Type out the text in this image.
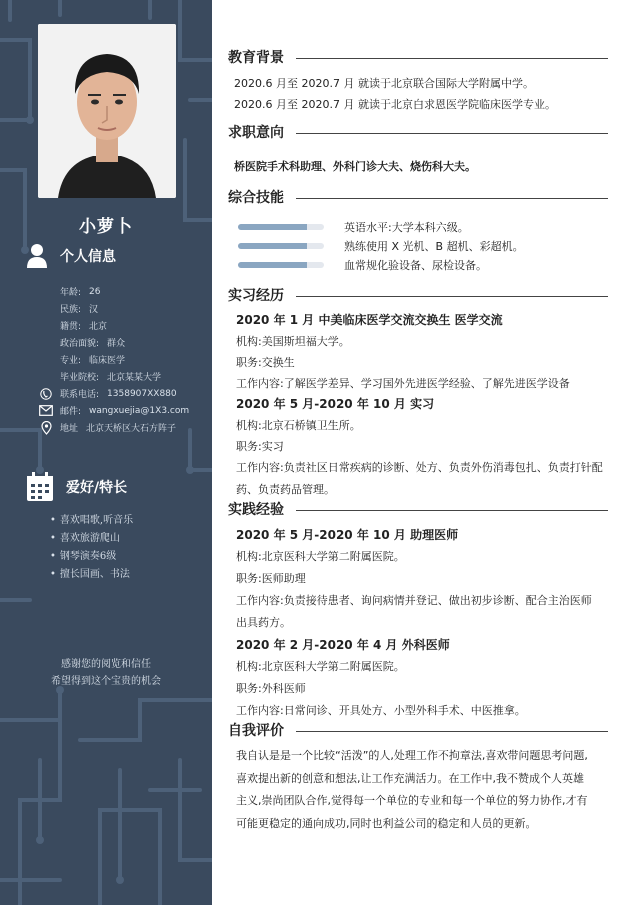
小萝卜
个人信息
年龄: 26
民族: 汉
籍贯: 北京
政治面貌: 群众
专业: 临床医学
毕业院校: 北京某某大学
联系电话: 1358907XX880
邮件: wangxuejia@1X3.com
地址 北京天桥区大石方阵子
爱好/特长
• 喜欢唱歌,听音乐
• 喜欢旅游爬山
• 钢琴演奏6级
• 擅长国画、书法
感谢您的阅览和信任
希望得到这个宝贵的机会
教育背景
2020.6 月至 2020.7 月 就读于北京联合国际大学附属中学。
2020.6 月至 2020.7 月 就读于北京白求恩医学院临床医学专业。
求职意向
桥医院手术科助理、外科门诊大夫、烧伤科大夫。
综合技能
英语水平:大学本科六级。
熟练使用 X 光机、B 超机、彩超机。
血常规化验设备、尿检设备。
实习经历
2020 年 1 月 中美临床医学交流交换生 医学交流
机构:美国斯坦福大学。
职务:交换生
工作内容:了解医学差异、学习国外先进医学经验、了解先进医学设备
2020 年 5 月-2020 年 10 月 实习
机构:北京石桥镇卫生所。
职务:实习
工作内容:负责社区日常疾病的诊断、处方、负责外伤消毒包扎、负责打针配药、负责药品管理。
实践经验
2020 年 5 月-2020 年 10 月 助理医师
机构:北京医科大学第二附属医院。
职务:医师助理
工作内容:负责接待患者、询问病情并登记、做出初步诊断、配合主治医师出具药方。
2020 年 2 月-2020 年 4 月 外科医师
机构:北京医科大学第二附属医院。
职务:外科医师
工作内容:日常问诊、开具处方、小型外科手术、中医推拿。
自我评价
我自认是是一个比较“活泼”的人,处理工作不拘章法,喜欢带问题思考问题,喜欢提出新的创意和想法,让工作充满活力。在工作中,我不赞成个人英雄主义,崇尚团队合作,觉得每一个单位的专业和每一个单位的努力协作,才有可能更稳定的通向成功,同时也利益公司的稳定和人员的更新。
